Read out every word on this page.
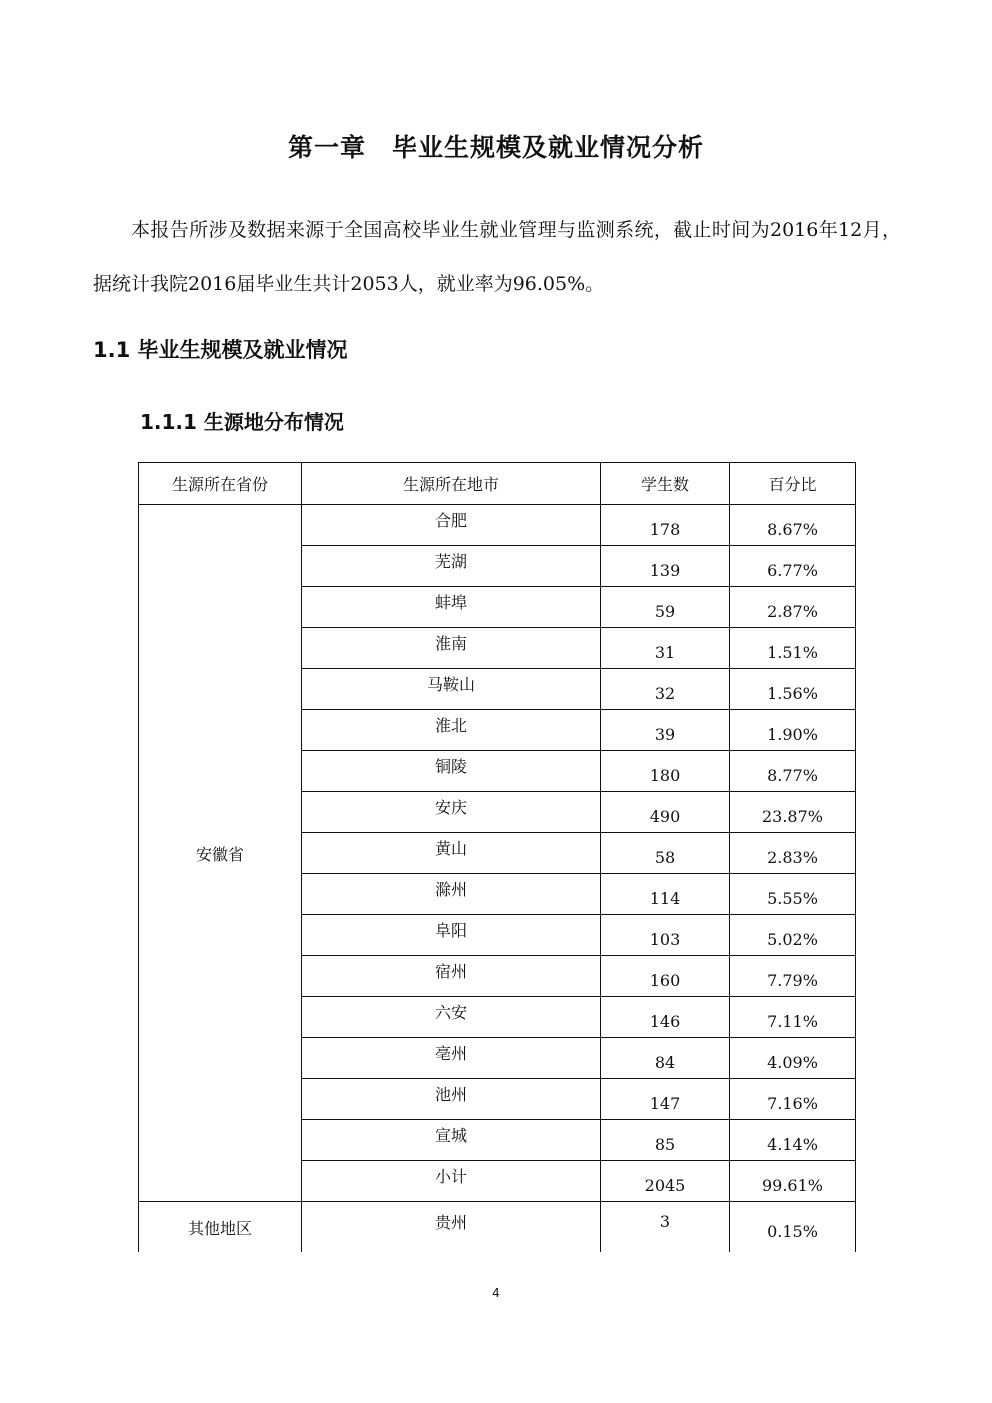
第一章　毕业生规模及就业情况分析

本报告所涉及数据来源于全国高校毕业生就业管理与监测系统，截止时间为2016年12月，据统计我院2016届毕业生共计2053人，就业率为96.05%。

1.1 毕业生规模及就业情况
1.1.1 生源地分布情况
生源所在省份	生源所在地市	学生数	百分比
安徽省	合肥	178	8.67%

	芜湖	139	6.77%

	蚌埠	59	2.87%

	淮南	31	1.51%

	马鞍山	32	1.56%

	淮北	39	1.90%

	铜陵	180	8.77%

	安庆	490	23.87%

	黄山	58	2.83%

	滁州	114	5.55%

	阜阳	103	5.02%

	宿州	160	7.79%

	六安	146	7.11%

	亳州	84	4.09%

	池州	147	7.16%

	宣城	85	4.14%

	小计	2045	99.61%

其他地区	贵州	3	0.15%
4
